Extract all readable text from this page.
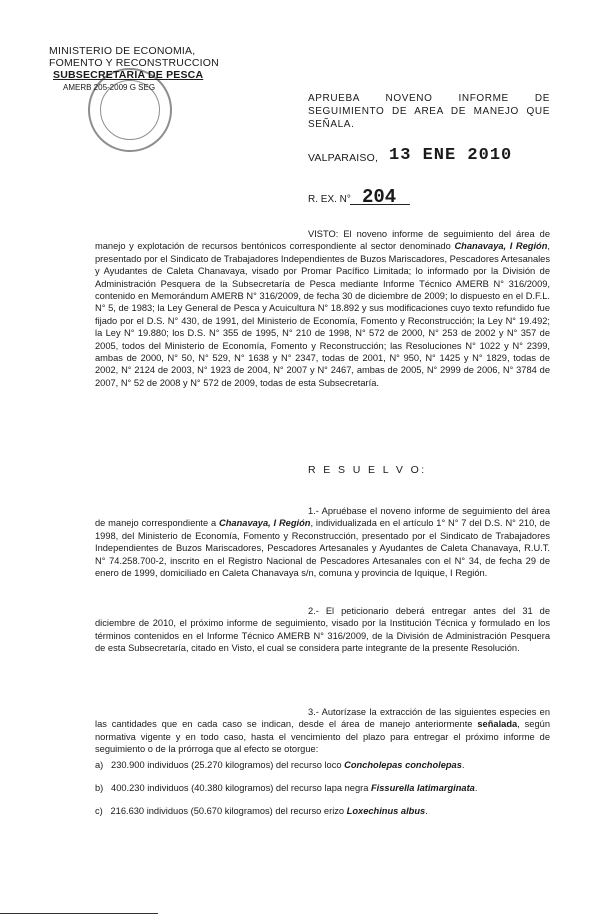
MINISTERIO DE ECONOMIA,
FOMENTO Y RECONSTRUCCION
SUBSECRETARIA DE PESCA
AMERB 205-2009 G SEG
APRUEBA NOVENO INFORME DE
SEGUIMIENTO DE AREA DE MANEJO QUE
SEÑALA.
VALPARAISO, 13 ENE 2010
R. EX. N° 204
VISTO: El noveno informe de seguimiento del área de manejo y explotación de recursos bentónicos correspondiente al sector denominado Chanavaya, I Región, presentado por el Sindicato de Trabajadores Independientes de Buzos Mariscadores, Pescadores Artesanales y Ayudantes de Caleta Chanavaya, visado por Promar Pacífico Limitada; lo informado por la División de Administración Pesquera de la Subsecretaría de Pesca mediante Informe Técnico AMERB N° 316/2009, contenido en Memorándum AMERB N° 316/2009, de fecha 30 de diciembre de 2009; lo dispuesto en el D.F.L. N° 5, de 1983; la Ley General de Pesca y Acuicultura N° 18.892 y sus modificaciones cuyo texto refundido fue fijado por el D.S. N° 430, de 1991, del Ministerio de Economía, Fomento y Reconstrucción; la Ley N° 19.492; la Ley N° 19.880; los D.S. N° 355 de 1995, N° 210 de 1998, N° 572 de 2000, N° 253 de 2002 y N° 357 de 2005, todos del Ministerio de Economía, Fomento y Reconstrucción; las Resoluciones N° 1022 y N° 2399, ambas de 2000, N° 50, N° 529, N° 1638 y N° 2347, todas de 2001, N° 950, N° 1425 y N° 1829, todas de 2002, N° 2124 de 2003, N° 1923 de 2004, N° 2007 y N° 2467, ambas de 2005, N° 2999 de 2006, N° 3784 de 2007, N° 52 de 2008 y N° 572 de 2009, todas de esta Subsecretaría.
R E S U E L V O:
1.- Apruébase el noveno informe de seguimiento del área de manejo correspondiente a Chanavaya, I Región, individualizada en el artículo 1° N° 7 del D.S. N° 210, de 1998, del Ministerio de Economía, Fomento y Reconstrucción, presentado por el Sindicato de Trabajadores Independientes de Buzos Mariscadores, Pescadores Artesanales y Ayudantes de Caleta Chanavaya, R.U.T. N° 74.258.700-2, inscrito en el Registro Nacional de Pescadores Artesanales con el N° 34, de fecha 29 de enero de 1999, domiciliado en Caleta Chanavaya s/n, comuna y provincia de Iquique, I Región.
2.- El peticionario deberá entregar antes del 31 de diciembre de 2010, el próximo informe de seguimiento, visado por la Institución Técnica y formulado en los términos contenidos en el Informe Técnico AMERB N° 316/2009, de la División de Administración Pesquera de esta Subsecretaría, citado en Visto, el cual se considera parte integrante de la presente Resolución.
3.- Autorízase la extracción de las siguientes especies en las cantidades que en cada caso se indican, desde el área de manejo anteriormente señalada, según normativa vigente y en todo caso, hasta el vencimiento del plazo para entregar el próximo informe de seguimiento o de la prórroga que al efecto se otorgue:
a) 230.900 individuos (25.270 kilogramos) del recurso loco Concholepas concholepas.
b) 400.230 individuos (40.380 kilogramos) del recurso lapa negra Fissurella latimarginata.
c) 216.630 individuos (50.670 kilogramos) del recurso erizo Loxechinus albus.
